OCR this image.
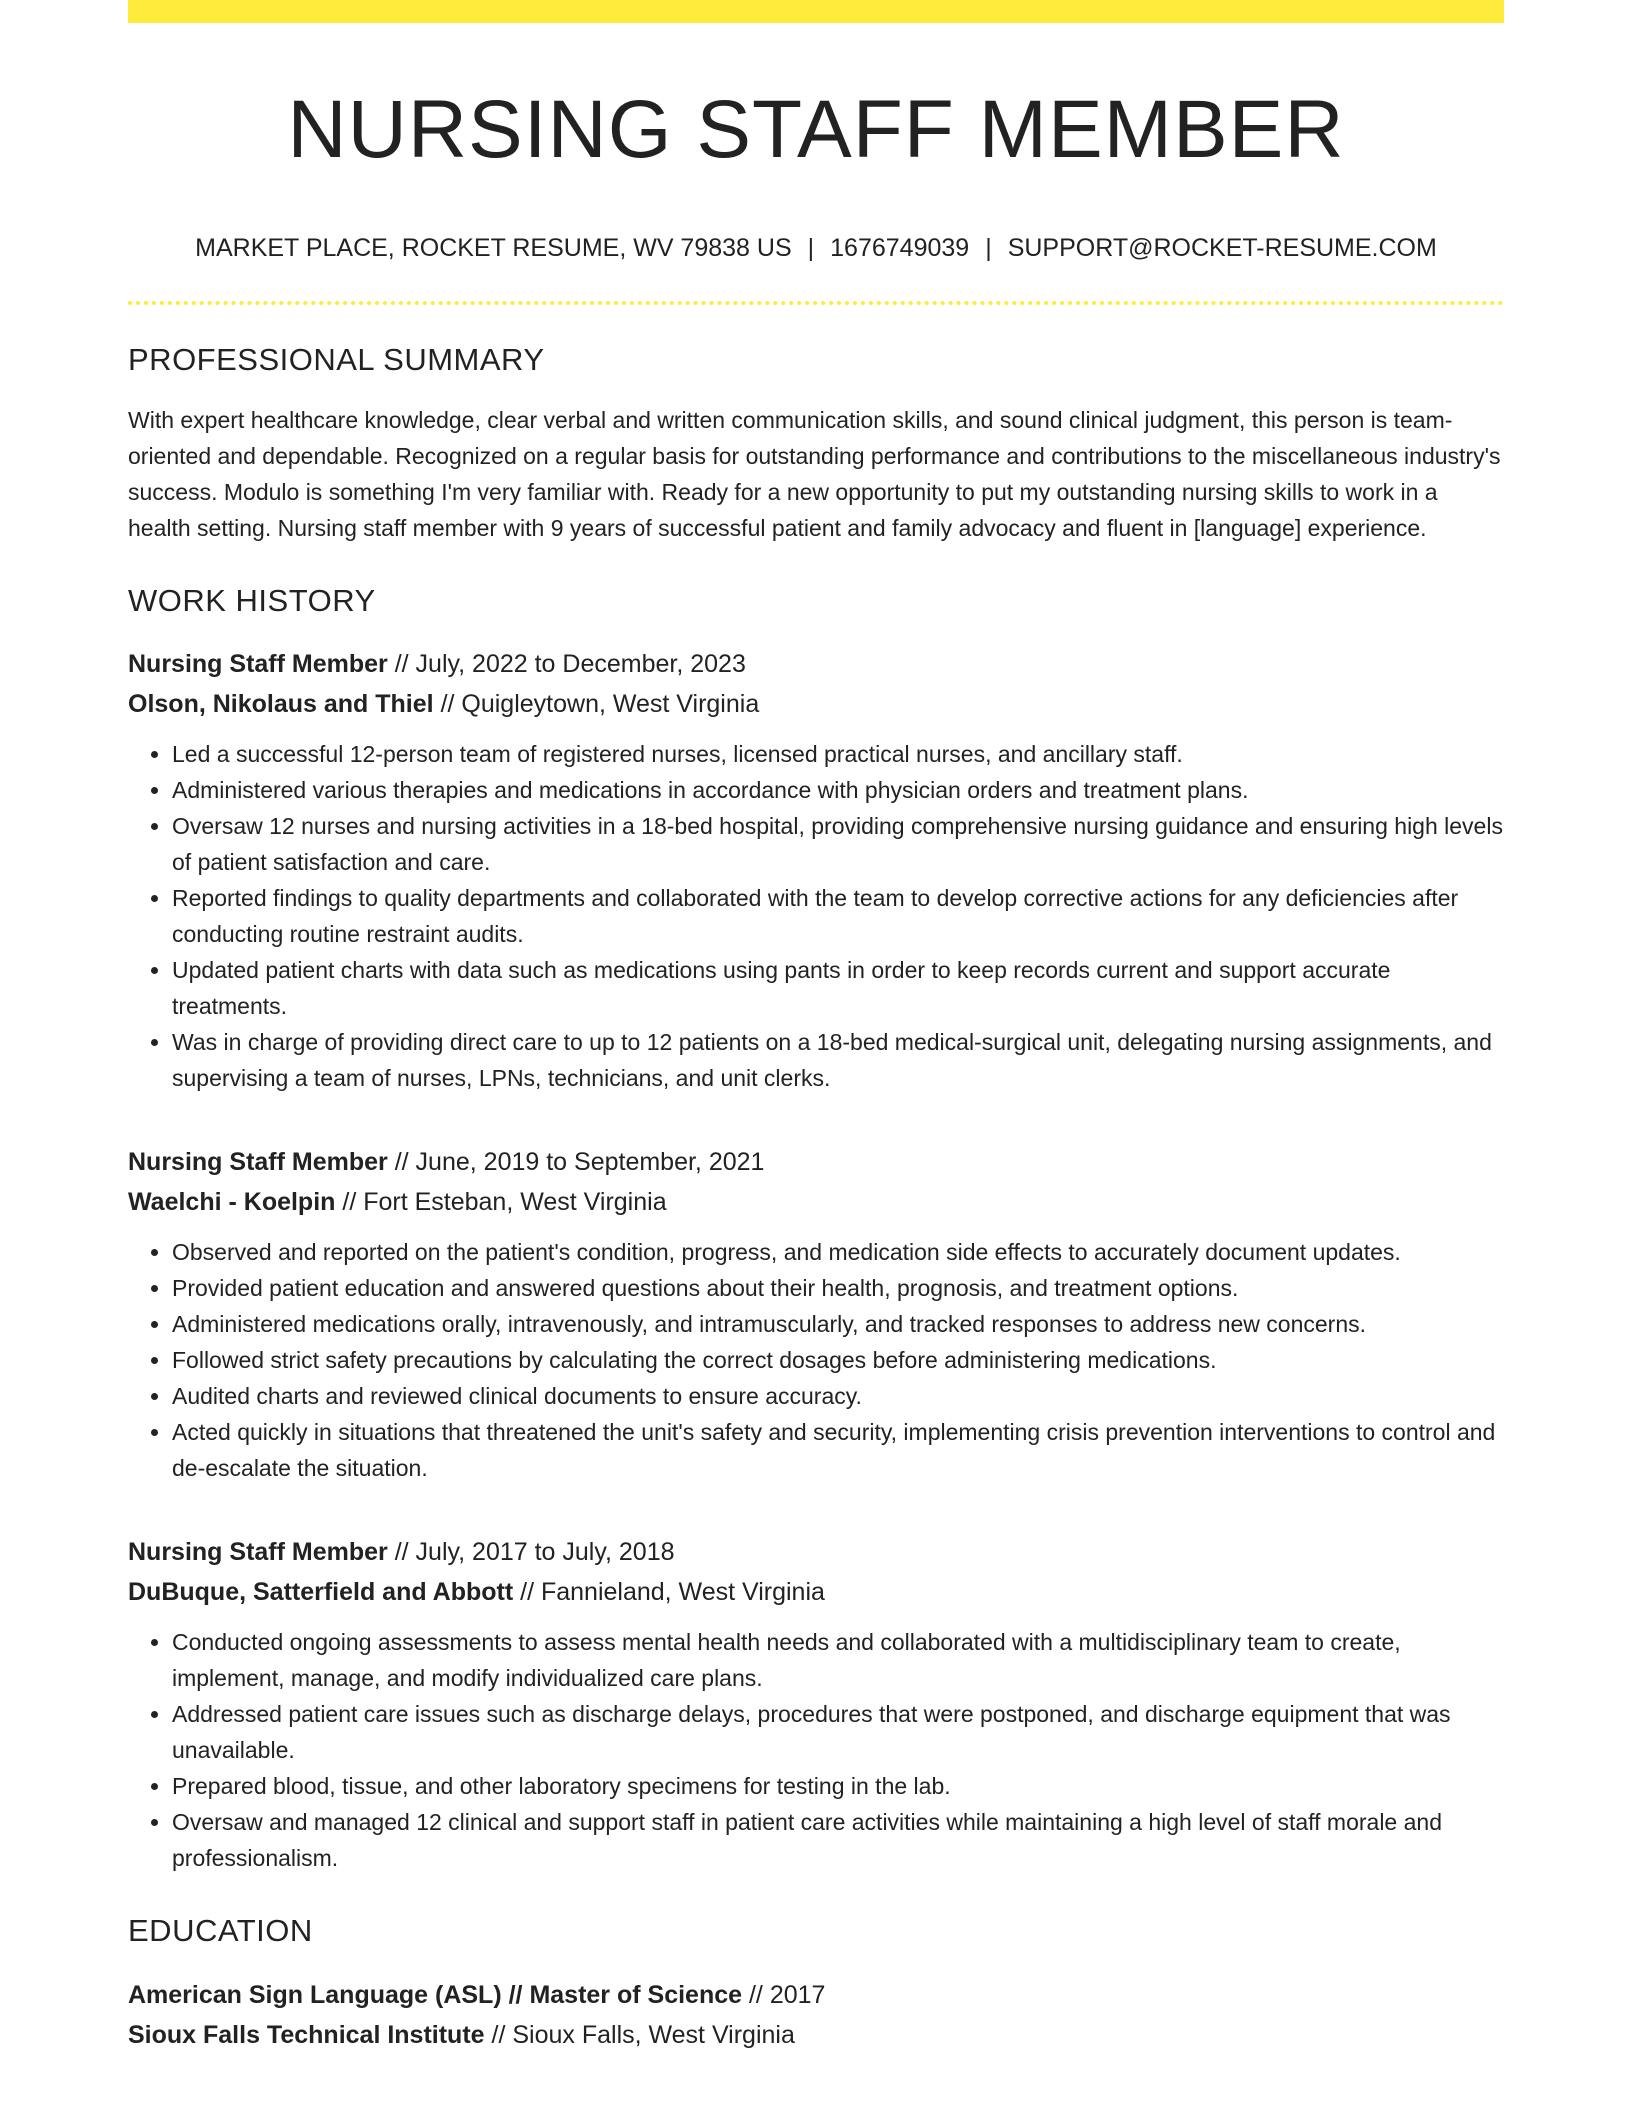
NURSING STAFF MEMBER
MARKET PLACE, ROCKET RESUME, WV 79838 US | 1676749039 | SUPPORT@ROCKET-RESUME.COM
PROFESSIONAL SUMMARY

With expert healthcare knowledge, clear verbal and written communication skills, and sound clinical judgment, this person is team-oriented and dependable. Recognized on a regular basis for outstanding performance and contributions to the miscellaneous industry's success. Modulo is something I'm very familiar with. Ready for a new opportunity to put my outstanding nursing skills to work in a health setting. Nursing staff member with 9 years of successful patient and family advocacy and fluent in [language] experience.

WORK HISTORY
Nursing Staff Member // July, 2022 to December, 2023
Olson, Nikolaus and Thiel // Quigleytown, West Virginia
• Led a successful 12-person team of registered nurses, licensed practical nurses, and ancillary staff.
• Administered various therapies and medications in accordance with physician orders and treatment plans.
• Oversaw 12 nurses and nursing activities in a 18-bed hospital, providing comprehensive nursing guidance and ensuring high levels of patient satisfaction and care.
• Reported findings to quality departments and collaborated with the team to develop corrective actions for any deficiencies after conducting routine restraint audits.
• Updated patient charts with data such as medications using pants in order to keep records current and support accurate treatments.
• Was in charge of providing direct care to up to 12 patients on a 18-bed medical-surgical unit, delegating nursing assignments, and supervising a team of nurses, LPNs, technicians, and unit clerks.
Nursing Staff Member // June, 2019 to September, 2021
Waelchi - Koelpin // Fort Esteban, West Virginia
• Observed and reported on the patient's condition, progress, and medication side effects to accurately document updates.
• Provided patient education and answered questions about their health, prognosis, and treatment options.
• Administered medications orally, intravenously, and intramuscularly, and tracked responses to address new concerns.
• Followed strict safety precautions by calculating the correct dosages before administering medications.
• Audited charts and reviewed clinical documents to ensure accuracy.
• Acted quickly in situations that threatened the unit's safety and security, implementing crisis prevention interventions to control and de-escalate the situation.
Nursing Staff Member // July, 2017 to July, 2018
DuBuque, Satterfield and Abbott // Fannieland, West Virginia
• Conducted ongoing assessments to assess mental health needs and collaborated with a multidisciplinary team to create, implement, manage, and modify individualized care plans.
• Addressed patient care issues such as discharge delays, procedures that were postponed, and discharge equipment that was unavailable.
• Prepared blood, tissue, and other laboratory specimens for testing in the lab.
• Oversaw and managed 12 clinical and support staff in patient care activities while maintaining a high level of staff morale and professionalism.
EDUCATION
American Sign Language (ASL) // Master of Science // 2017
Sioux Falls Technical Institute // Sioux Falls, West Virginia
